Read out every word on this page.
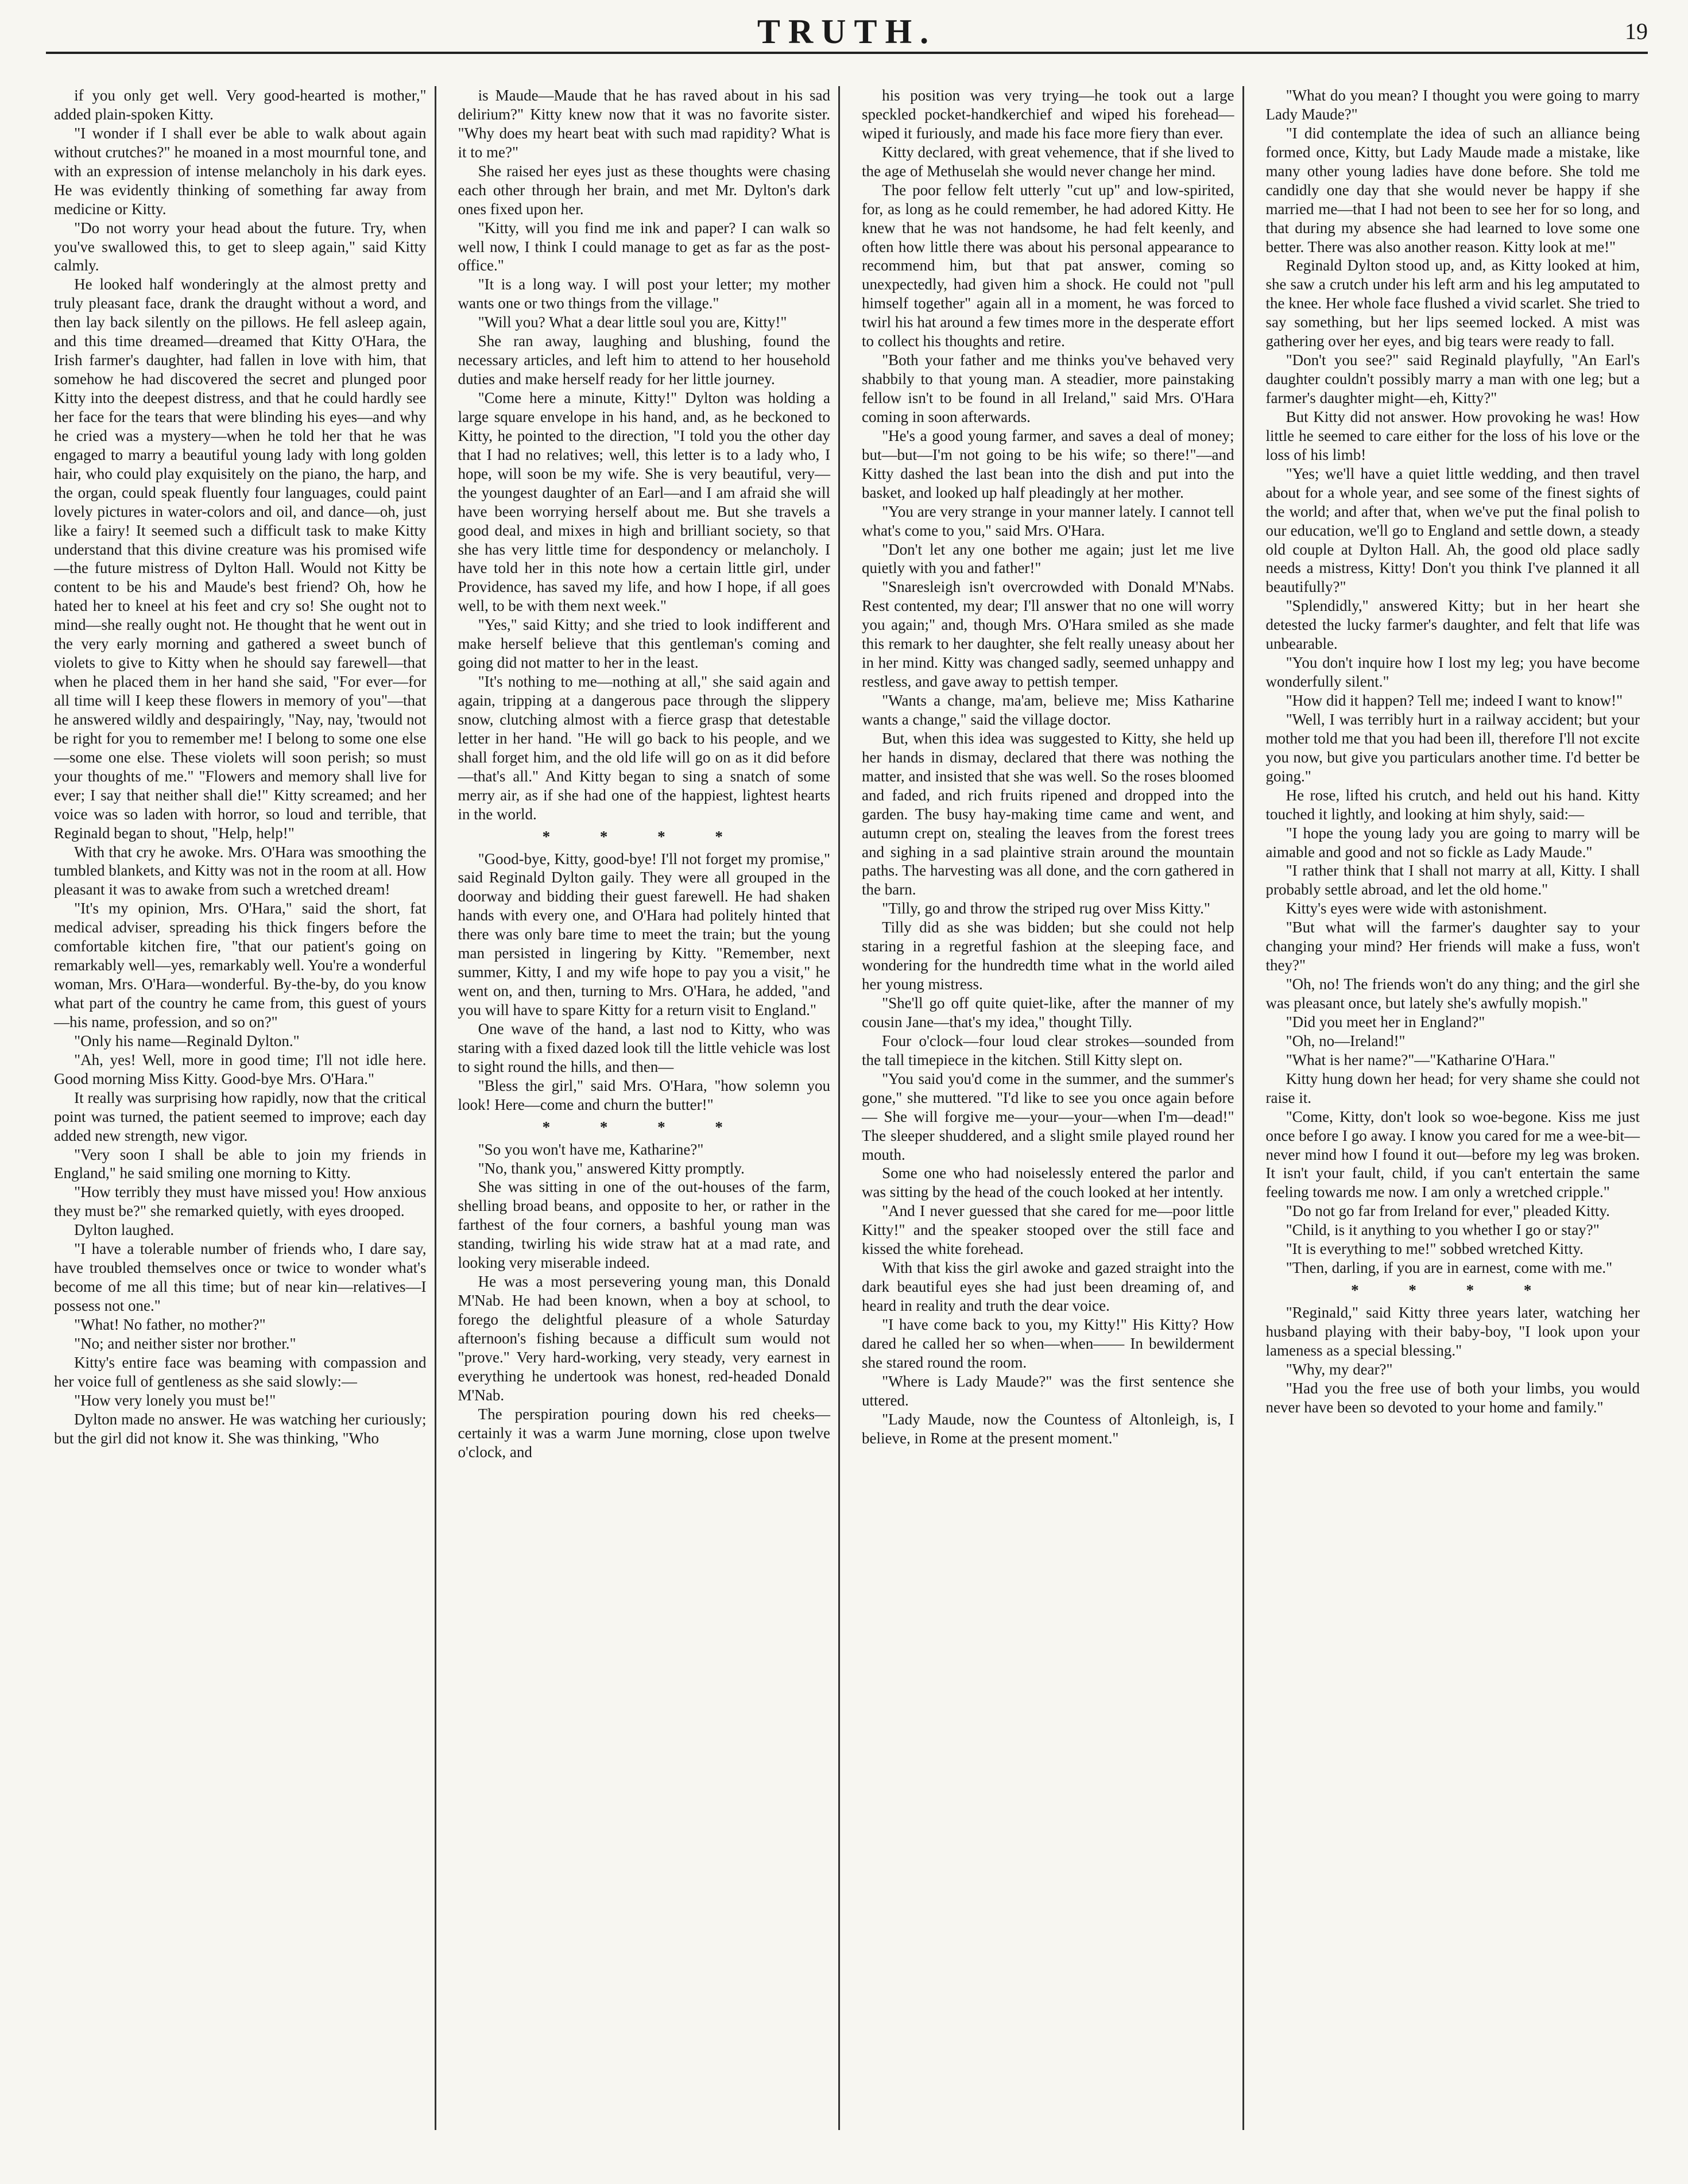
TRUTH.	19

if you only get well. Very good-hearted is mother," added plain-spoken Kitty.

"I wonder if I shall ever be able to walk about again without crutches?" he moaned in a most mournful tone, and with an expression of intense melancholy in his dark eyes. He was evidently thinking of something far away from medicine or Kitty.

"Do not worry your head about the future. Try, when you've swallowed this, to get to sleep again," said Kitty calmly.

He looked half wonderingly at the almost pretty and truly pleasant face, drank the draught without a word, and then lay back silently on the pillows. He fell asleep again, and this time dreamed—dreamed that Kitty O'Hara, the Irish farmer's daughter, had fallen in love with him, that somehow he had discovered the secret and plunged poor Kitty into the deepest distress, and that he could hardly see her face for the tears that were blinding his eyes—and why he cried was a mystery—when he told her that he was engaged to marry a beautiful young lady with long golden hair, who could play exquisitely on the piano, the harp, and the organ, could speak fluently four languages, could paint lovely pictures in water-colors and oil, and dance—oh, just like a fairy! It seemed such a difficult task to make Kitty understand that this divine creature was his promised wife—the future mistress of Dylton Hall. Would not Kitty be content to be his and Maude's best friend? Oh, how he hated her to kneel at his feet and cry so! She ought not to mind—she really ought not. He thought that he went out in the very early morning and gathered a sweet bunch of violets to give to Kitty when he should say farewell—that when he placed them in her hand she said, "For ever—for all time will I keep these flowers in memory of you"—that he answered wildly and despairingly, "Nay, nay, 'twould not be right for you to remember me! I belong to some one else—some one else. These violets will soon perish; so must your thoughts of me." "Flowers and memory shall live for ever; I say that neither shall die!" Kitty screamed; and her voice was so laden with horror, so loud and terrible, that Reginald began to shout, "Help, help!"

With that cry he awoke. Mrs. O'Hara was smoothing the tumbled blankets, and Kitty was not in the room at all. How pleasant it was to awake from such a wretched dream!

"It's my opinion, Mrs. O'Hara," said the short, fat medical adviser, spreading his thick fingers before the comfortable kitchen fire, "that our patient's going on remarkably well—yes, remarkably well. You're a wonderful woman, Mrs. O'Hara—wonderful. By-the-by, do you know what part of the country he came from, this guest of yours—his name, profession, and so on?"

"Only his name—Reginald Dylton."

"Ah, yes! Well, more in good time; I'll not idle here. Good morning Miss Kitty. Good-bye Mrs. O'Hara."

It really was surprising how rapidly, now that the critical point was turned, the patient seemed to improve; each day added new strength, new vigor.

"Very soon I shall be able to join my friends in England," he said smiling one morning to Kitty.

"How terribly they must have missed you! How anxious they must be?" she remarked quietly, with eyes drooped.

Dylton laughed.

"I have a tolerable number of friends who, I dare say, have troubled themselves once or twice to wonder what's become of me all this time; but of near kin—relatives—I possess not one."

"What! No father, no mother?"

"No; and neither sister nor brother."

Kitty's entire face was beaming with compassion and her voice full of gentleness as she said slowly:—

"How very lonely you must be!"

Dylton made no answer. He was watching her curiously; but the girl did not know it. She was thinking, "Who

is Maude—Maude that he has raved about in his sad delirium?" Kitty knew now that it was no favorite sister. "Why does my heart beat with such mad rapidity? What is it to me?"

She raised her eyes just as these thoughts were chasing each other through her brain, and met Mr. Dylton's dark ones fixed upon her.

"Kitty, will you find me ink and paper? I can walk so well now, I think I could manage to get as far as the post-office."

"It is a long way. I will post your letter; my mother wants one or two things from the village."

"Will you? What a dear little soul you are, Kitty!"

She ran away, laughing and blushing, found the necessary articles, and left him to attend to her household duties and make herself ready for her little journey.

"Come here a minute, Kitty!" Dylton was holding a large square envelope in his hand, and, as he beckoned to Kitty, he pointed to the direction, "I told you the other day that I had no relatives; well, this letter is to a lady who, I hope, will soon be my wife. She is very beautiful, very—the youngest daughter of an Earl—and I am afraid she will have been worrying herself about me. But she travels a good deal, and mixes in high and brilliant society, so that she has very little time for despondency or melancholy. I have told her in this note how a certain little girl, under Providence, has saved my life, and how I hope, if all goes well, to be with them next week."

"Yes," said Kitty; and she tried to look indifferent and make herself believe that this gentleman's coming and going did not matter to her in the least.

"It's nothing to me—nothing at all," she said again and again, tripping at a dangerous pace through the slippery snow, clutching almost with a fierce grasp that detestable letter in her hand. "He will go back to his people, and we shall forget him, and the old life will go on as it did before—that's all." And Kitty began to sing a snatch of some merry air, as if she had one of the happiest, lightest hearts in the world.

* * * *

"Good-bye, Kitty, good-bye! I'll not forget my promise," said Reginald Dylton gaily. They were all grouped in the doorway and bidding their guest farewell. He had shaken hands with every one, and O'Hara had politely hinted that there was only bare time to meet the train; but the young man persisted in lingering by Kitty. "Remember, next summer, Kitty, I and my wife hope to pay you a visit," he went on, and then, turning to Mrs. O'Hara, he added, "and you will have to spare Kitty for a return visit to England."

One wave of the hand, a last nod to Kitty, who was staring with a fixed dazed look till the little vehicle was lost to sight round the hills, and then—

"Bless the girl," said Mrs. O'Hara, "how solemn you look! Here—come and churn the butter!"

* * * *

"So you won't have me, Katharine?"

"No, thank you," answered Kitty promptly.

She was sitting in one of the out-houses of the farm, shelling broad beans, and opposite to her, or rather in the farthest of the four corners, a bashful young man was standing, twirling his wide straw hat at a mad rate, and looking very miserable indeed.

He was a most persevering young man, this Donald M'Nab. He had been known, when a boy at school, to forego the delightful pleasure of a whole Saturday afternoon's fishing because a difficult sum would not "prove." Very hard-working, very steady, very earnest in everything he undertook was honest, red-headed Donald M'Nab.

The perspiration pouring down his red cheeks—certainly it was a warm June morning, close upon twelve o'clock, and

his position was very trying—he took out a large speckled pocket-handkerchief and wiped his forehead—wiped it furiously, and made his face more fiery than ever.

Kitty declared, with great vehemence, that if she lived to the age of Methuselah she would never change her mind.

The poor fellow felt utterly "cut up" and low-spirited, for, as long as he could remember, he had adored Kitty. He knew that he was not handsome, he had felt keenly, and often how little there was about his personal appearance to recommend him, but that pat answer, coming so unexpectedly, had given him a shock. He could not "pull himself together" again all in a moment, he was forced to twirl his hat around a few times more in the desperate effort to collect his thoughts and retire.

"Both your father and me thinks you've behaved very shabbily to that young man. A steadier, more painstaking fellow isn't to be found in all Ireland," said Mrs. O'Hara coming in soon afterwards.

"He's a good young farmer, and saves a deal of money; but—but—I'm not going to be his wife; so there!"—and Kitty dashed the last bean into the dish and put into the basket, and looked up half pleadingly at her mother.

"You are very strange in your manner lately. I cannot tell what's come to you," said Mrs. O'Hara.

"Don't let any one bother me again; just let me live quietly with you and father!"

"Snaresleigh isn't overcrowded with Donald M'Nabs. Rest contented, my dear; I'll answer that no one will worry you again;" and, though Mrs. O'Hara smiled as she made this remark to her daughter, she felt really uneasy about her in her mind. Kitty was changed sadly, seemed unhappy and restless, and gave away to pettish temper.

"Wants a change, ma'am, believe me; Miss Katharine wants a change," said the village doctor.

But, when this idea was suggested to Kitty, she held up her hands in dismay, declared that there was nothing the matter, and insisted that she was well. So the roses bloomed and faded, and rich fruits ripened and dropped into the garden. The busy hay-making time came and went, and autumn crept on, stealing the leaves from the forest trees and sighing in a sad plaintive strain around the mountain paths. The harvesting was all done, and the corn gathered in the barn.

"Tilly, go and throw the striped rug over Miss Kitty."

Tilly did as she was bidden; but she could not help staring in a regretful fashion at the sleeping face, and wondering for the hundredth time what in the world ailed her young mistress.

"She'll go off quite quiet-like, after the manner of my cousin Jane—that's my idea," thought Tilly.

Four o'clock—four loud clear strokes—sounded from the tall timepiece in the kitchen. Still Kitty slept on.

"You said you'd come in the summer, and the summer's gone," she muttered. "I'd like to see you once again before— She will forgive me—your—your—when I'm—dead!" The sleeper shuddered, and a slight smile played round her mouth.

Some one who had noiselessly entered the parlor and was sitting by the head of the couch looked at her intently.

"And I never guessed that she cared for me—poor little Kitty!" and the speaker stooped over the still face and kissed the white forehead.

With that kiss the girl awoke and gazed straight into the dark beautiful eyes she had just been dreaming of, and heard in reality and truth the dear voice.

"I have come back to you, my Kitty!" His Kitty? How dared he called her so when—when—— In bewilderment she stared round the room.

"Where is Lady Maude?" was the first sentence she uttered.

"Lady Maude, now the Countess of Altonleigh, is, I believe, in Rome at the present moment."

"What do you mean? I thought you were going to marry Lady Maude?"

"I did contemplate the idea of such an alliance being formed once, Kitty, but Lady Maude made a mistake, like many other young ladies have done before. She told me candidly one day that she would never be happy if she married me—that I had not been to see her for so long, and that during my absence she had learned to love some one better. There was also another reason. Kitty look at me!"

Reginald Dylton stood up, and, as Kitty looked at him, she saw a crutch under his left arm and his leg amputated to the knee. Her whole face flushed a vivid scarlet. She tried to say something, but her lips seemed locked. A mist was gathering over her eyes, and big tears were ready to fall.

"Don't you see?" said Reginald playfully, "An Earl's daughter couldn't possibly marry a man with one leg; but a farmer's daughter might—eh, Kitty?"

But Kitty did not answer. How provoking he was! How little he seemed to care either for the loss of his love or the loss of his limb!

"Yes; we'll have a quiet little wedding, and then travel about for a whole year, and see some of the finest sights of the world; and after that, when we've put the final polish to our education, we'll go to England and settle down, a steady old couple at Dylton Hall. Ah, the good old place sadly needs a mistress, Kitty! Don't you think I've planned it all beautifully?"

"Splendidly," answered Kitty; but in her heart she detested the lucky farmer's daughter, and felt that life was unbearable.

"You don't inquire how I lost my leg; you have become wonderfully silent."

"How did it happen? Tell me; indeed I want to know!"

"Well, I was terribly hurt in a railway accident; but your mother told me that you had been ill, therefore I'll not excite you now, but give you particulars another time. I'd better be going."

He rose, lifted his crutch, and held out his hand. Kitty touched it lightly, and looking at him shyly, said:—

"I hope the young lady you are going to marry will be aimable and good and not so fickle as Lady Maude."

"I rather think that I shall not marry at all, Kitty. I shall probably settle abroad, and let the old home."

Kitty's eyes were wide with astonishment.

"But what will the farmer's daughter say to your changing your mind? Her friends will make a fuss, won't they?"

"Oh, no! The friends won't do any thing; and the girl she was pleasant once, but lately she's awfully mopish."

"Did you meet her in England?"

"Oh, no—Ireland!"

"What is her name?"—"Katharine O'Hara."

Kitty hung down her head; for very shame she could not raise it.

"Come, Kitty, don't look so woe-begone. Kiss me just once before I go away. I know you cared for me a wee-bit—never mind how I found it out—before my leg was broken. It isn't your fault, child, if you can't entertain the same feeling towards me now. I am only a wretched cripple."

"Do not go far from Ireland for ever," pleaded Kitty.

"Child, is it anything to you whether I go or stay?"

"It is everything to me!" sobbed wretched Kitty.

"Then, darling, if you are in earnest, come with me."

* * * *

"Reginald," said Kitty three years later, watching her husband playing with their baby-boy, "I look upon your lameness as a special blessing."

"Why, my dear?"

"Had you the free use of both your limbs, you would never have been so devoted to your home and family."
